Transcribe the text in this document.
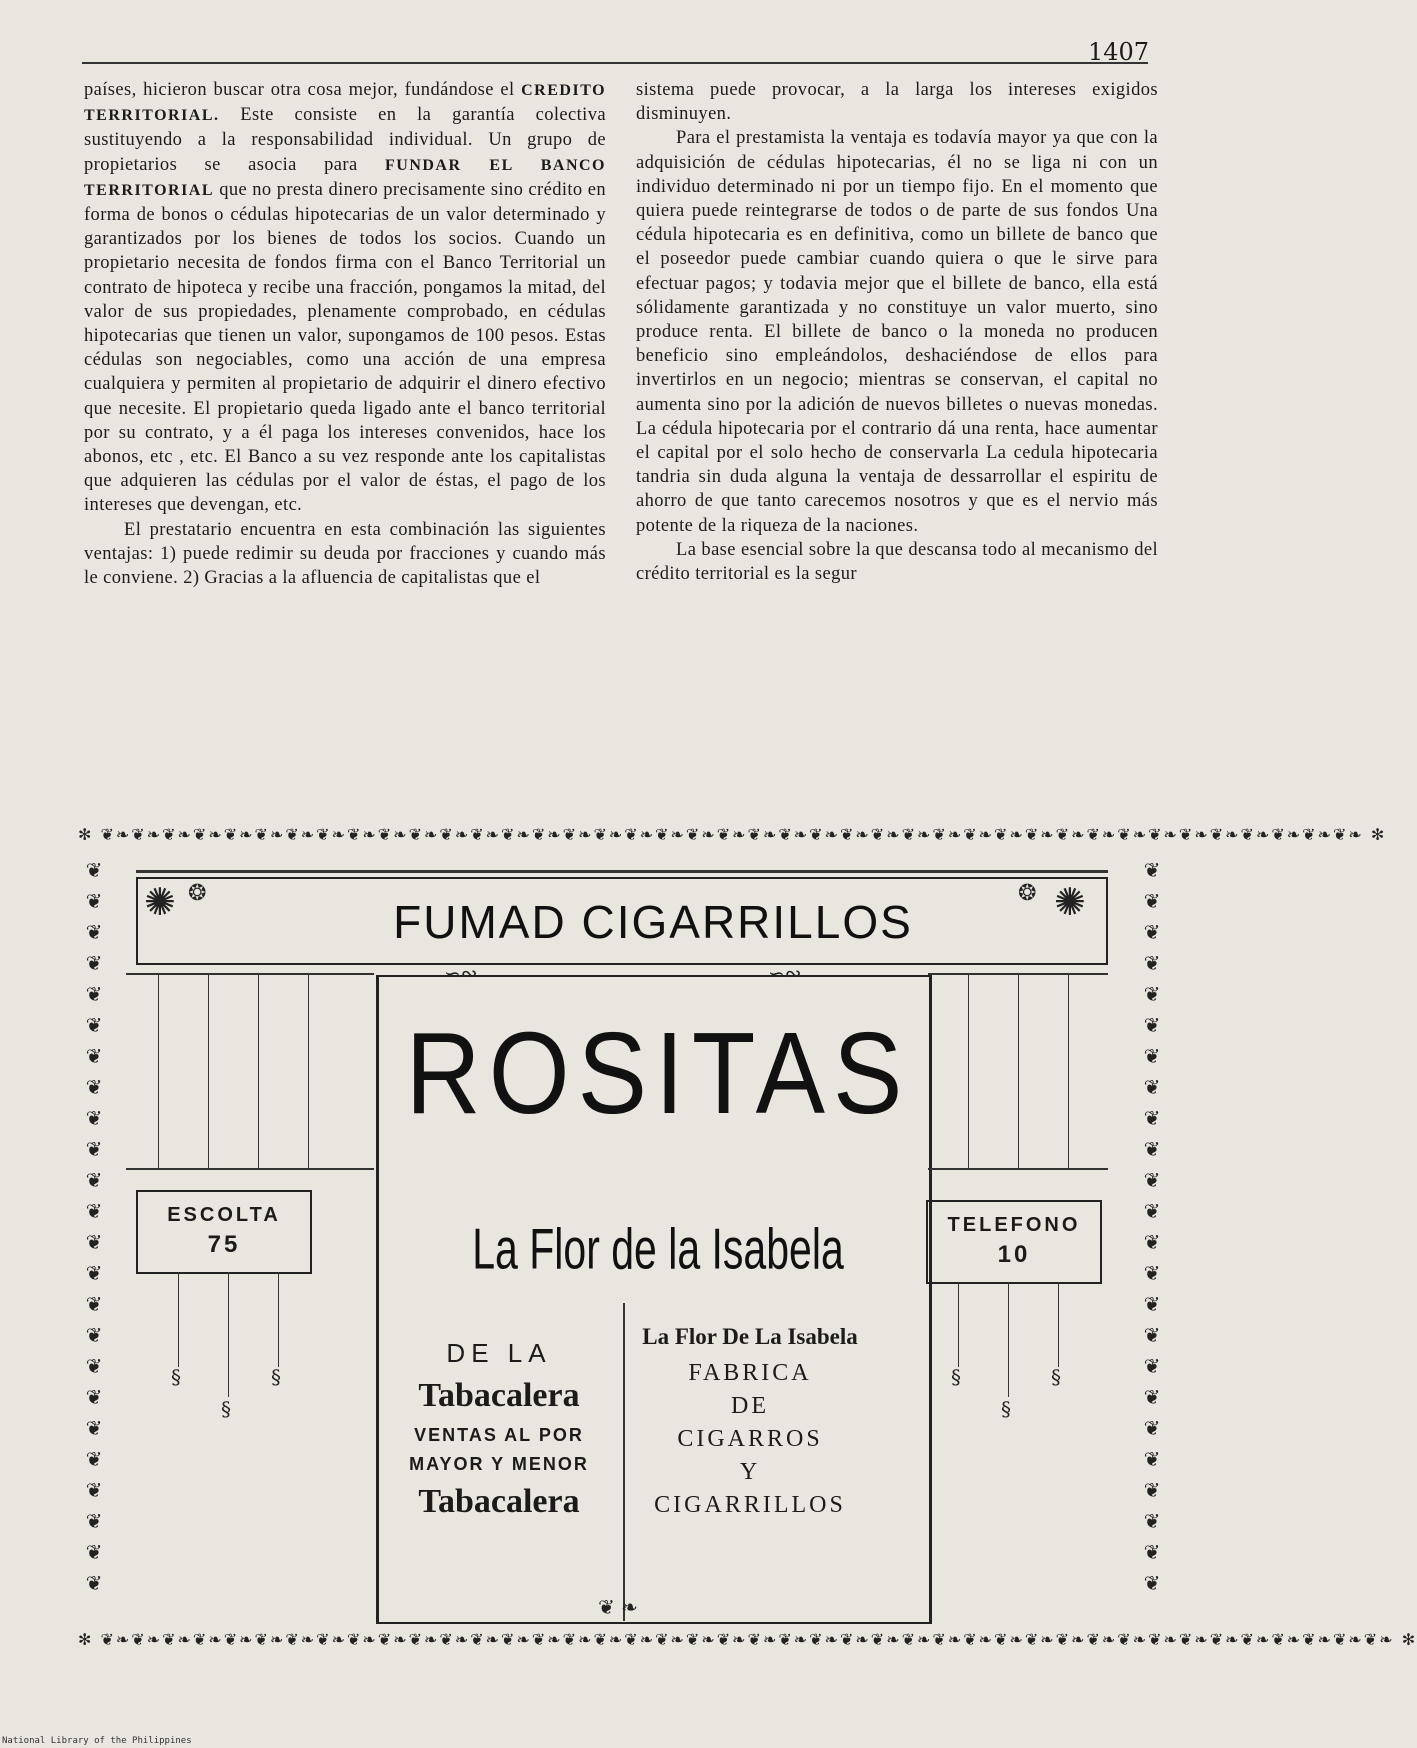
1407

países, hicieron buscar otra cosa mejor, fundándose el CREDITO TERRITORIAL. Este consiste en la garantía colectiva sustituyendo a la responsabilidad individual. Un grupo de propietarios se asocia para FUNDAR EL BANCO TERRITORIAL que no presta dinero precisamente sino crédito en forma de bonos o cédulas hipotecarias de un valor determinado y garantizados por los bienes de todos los socios. Cuando un propietario necesita de fondos firma con el Banco Territorial un contrato de hipoteca y recibe una fracción, pongamos la mitad, del valor de sus propiedades, plenamente comprobado, en cédulas hipotecarias que tienen un valor, supongamos de 100 pesos. Estas cédulas son negociables, como una acción de una empresa cualquiera y permiten al propietario de adquirir el dinero efectivo que necesite. El propietario queda ligado ante el banco territorial por su contrato, y a él paga los intereses convenidos, hace los abonos, etc , etc. El Banco a su vez responde ante los capitalistas que adquieren las cédulas por el valor de éstas, el pago de los intereses que devengan, etc.

El prestatario encuentra en esta combinación las siguientes ventajas: 1) puede redimir su deuda por fracciones y cuando más le conviene. 2) Gracias a la afluencia de capitalistas que el

sistema puede provocar, a la larga los intereses exigidos disminuyen.

Para el prestamista la ventaja es todavía mayor ya que con la adquisición de cédulas hipotecarias, él no se liga ni con un individuo determinado ni por un tiempo fijo. En el momento que quiera puede reintegrarse de todos o de parte de sus fondos Una cédula hipotecaria es en definitiva, como un billete de banco que el poseedor puede cambiar cuando quiera o que le sirve para efectuar pagos; y todavia mejor que el billete de banco, ella está sólidamente garantizada y no constituye un valor muerto, sino produce renta. El billete de banco o la moneda no producen beneficio sino empleándolos, deshaciéndose de ellos para invertirlos en un negocio; mientras se conservan, el capital no aumenta sino por la adición de nuevos billetes o nuevas monedas. La cédula hipotecaria por el contrario dá una renta, hace aumentar el capital por el solo hecho de conservarla La cedula hipotecaria tandria sin duda alguna la ventaja de dessarrollar el espiritu de ahorro de que tanto carecemos nosotros y que es el nervio más potente de la riqueza de la naciones.

La base esencial sobre la que descansa todo al mecanismo del crédito territorial es la segur

✻ ❦❧❦❧❦❧❦❧❦❧❦❧❦❧❦❧❦❧❦❧❦❧❦❧❦❧❦❧❦❧❦❧❦❧❦❧❦❧❦❧❦❧❦❧❦❧❦❧❦❧❦❧❦❧❦❧❦❧❦❧❦❧❦❧❦❧❦❧❦❧❦❧❦❧❦❧❦❧❦❧❦❧ ✻
✻ ❦❧❦❧❦❧❦❧❦❧❦❧❦❧❦❧❦❧❦❧❦❧❦❧❦❧❦❧❦❧❦❧❦❧❦❧❦❧❦❧❦❧❦❧❦❧❦❧❦❧❦❧❦❧❦❧❦❧❦❧❦❧❦❧❦❧❦❧❦❧❦❧❦❧❦❧❦❧❦❧❦❧❦❧ ✻
❦
❦
❦
❦
❦
❦
❦
❦
❦
❦
❦
❦
❦
❦
❦
❦
❦
❦
❦
❦
❦
❦
❦
❦
❦
❦
❦
❦
❦
❦
❦
❦
❦
❦
❦
❦
❦
❦
❦
❦
❦
❦
❦
❦
❦
❦
❦
❦
✺ ❂	✺
❂
FUMAD CIGARRILLOS
∽∾	∽∾
ROSITAS
La Flor de la Isabela
DE LA
Tabacalera
VENTAS AL POR
MAYOR Y MENOR
Tabacalera
La Flor De La Isabela
FABRICA
DE
CIGARROS
Y
CIGARRILLOS
❦ ❧
ESCOLTA
75
§	§
§
TELEFONO
10
§	§
§
National Library of the Philippines
